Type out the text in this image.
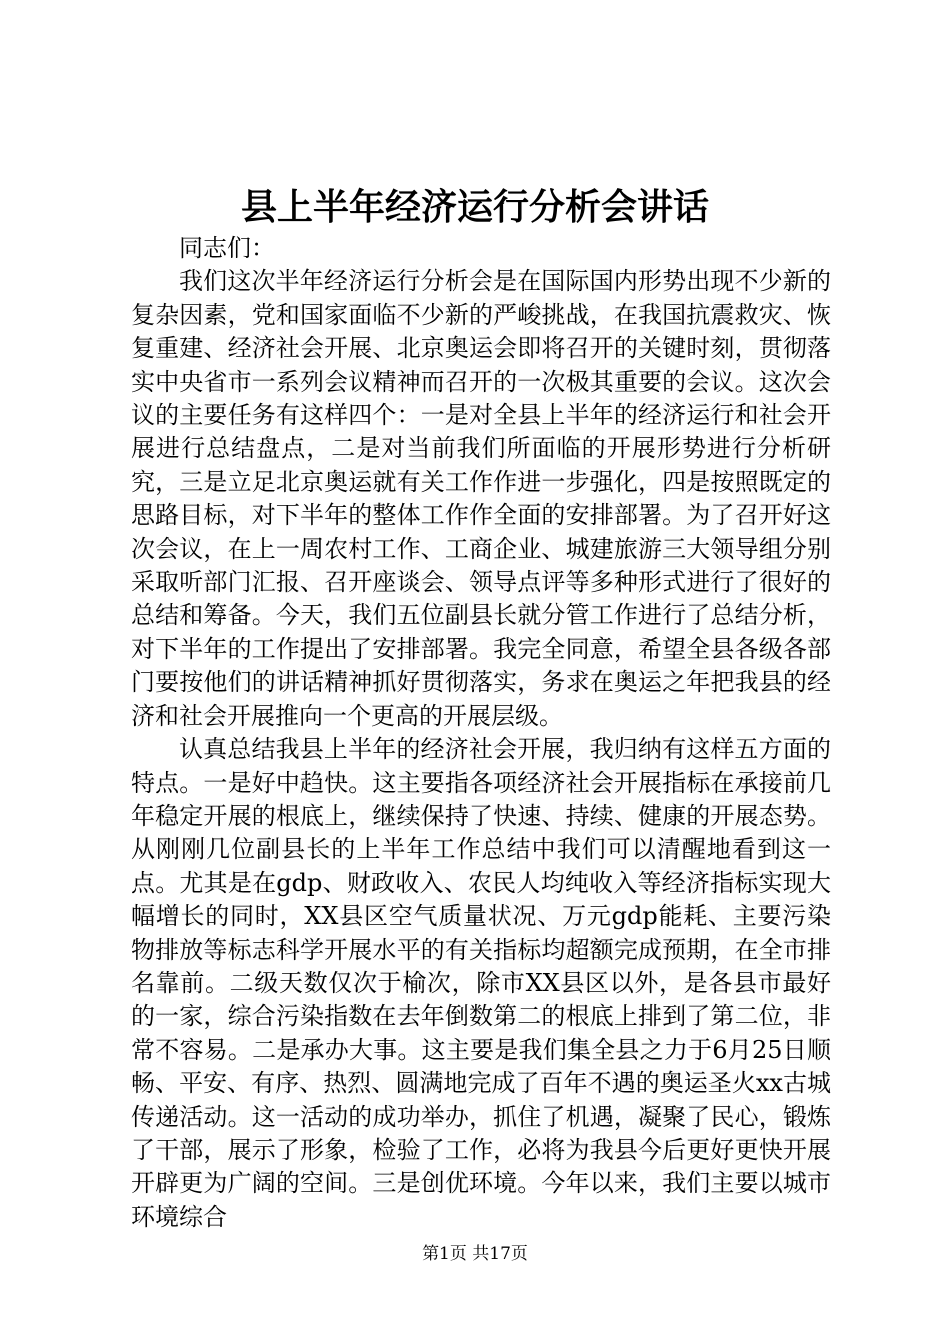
县上半年经济运行分析会讲话

同志们：

我们这次半年经济运行分析会是在国际国内形势出现不少新的复杂因素，党和国家面临不少新的严峻挑战，在我国抗震救灾、恢复重建、经济社会开展、北京奥运会即将召开的关键时刻，贯彻落实中央省市一系列会议精神而召开的一次极其重要的会议。这次会议的主要任务有这样四个：一是对全县上半年的经济运行和社会开展进行总结盘点，二是对当前我们所面临的开展形势进行分析研究，三是立足北京奥运就有关工作作进一步强化，四是按照既定的思路目标，对下半年的整体工作作全面的安排部署。为了召开好这次会议，在上一周农村工作、工商企业、城建旅游三大领导组分别采取听部门汇报、召开座谈会、领导点评等多种形式进行了很好的总结和筹备。今天，我们五位副县长就分管工作进行了总结分析，对下半年的工作提出了安排部署。我完全同意，希望全县各级各部门要按他们的讲话精神抓好贯彻落实，务求在奥运之年把我县的经济和社会开展推向一个更高的开展层级。

认真总结我县上半年的经济社会开展，我归纳有这样五方面的特点。一是好中趋快。这主要指各项经济社会开展指标在承接前几年稳定开展的根底上，继续保持了快速、持续、健康的开展态势。从刚刚几位副县长的上半年工作总结中我们可以清醒地看到这一点。尤其是在gdp、财政收入、农民人均纯收入等经济指标实现大幅增长的同时，XX县区空气质量状况、万元gdp能耗、主要污染物排放等标志科学开展水平的有关指标均超额完成预期，在全市排名靠前。二级天数仅次于榆次，除市XX县区以外，是各县市最好的一家，综合污染指数在去年倒数第二的根底上排到了第二位，非常不容易。二是承办大事。这主要是我们集全县之力于6月25日顺畅、平安、有序、热烈、圆满地完成了百年不遇的奥运圣火xx古城传递活动。这一活动的成功举办，抓住了机遇，凝聚了民心，锻炼了干部，展示了形象，检验了工作，必将为我县今后更好更快开展开辟更为广阔的空间。三是创优环境。今年以来，我们主要以城市环境综合

第1页 共17页
